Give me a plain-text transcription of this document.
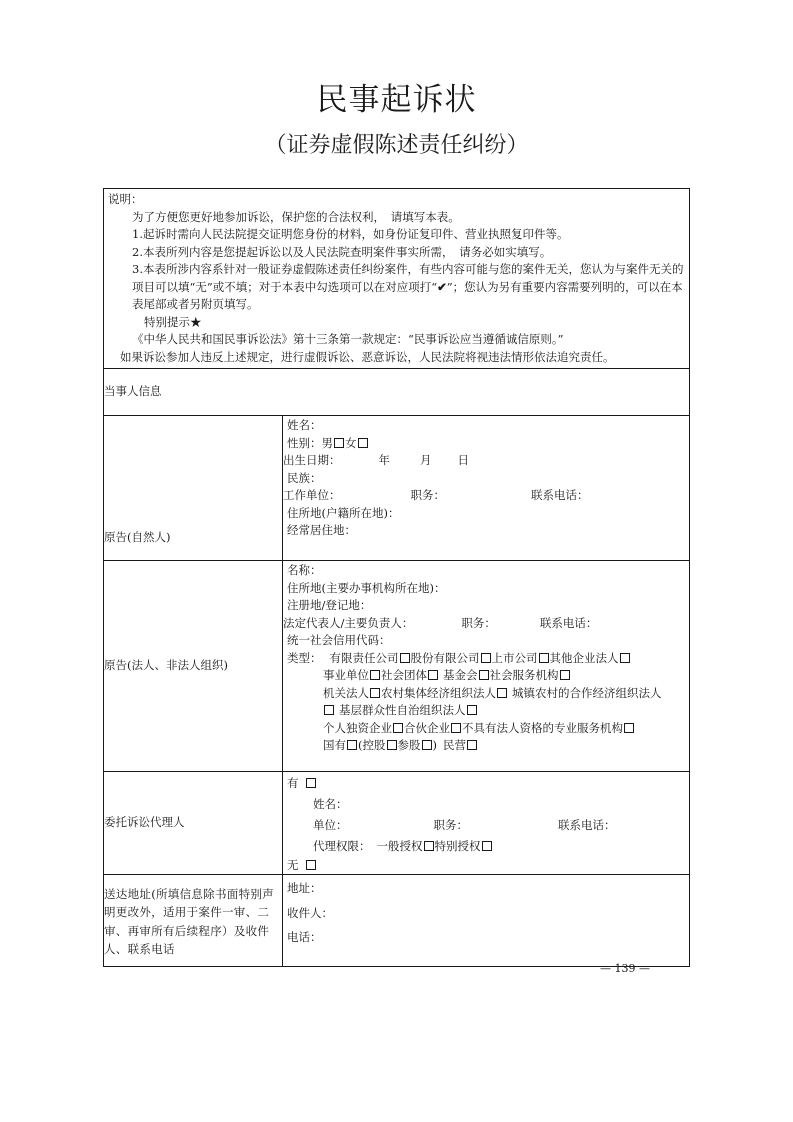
民事起诉状
（证券虚假陈述责任纠纷）

说明：

为了方便您更好地参加诉讼，保护您的合法权利，　请填写本表。

1.起诉时需向人民法院提交证明您身份的材料，如身份证复印件、营业执照复印件等。

2.本表所列内容是您提起诉讼以及人民法院查明案件事实所需，　请务必如实填写。

3.本表所涉内容系针对一般证券虚假陈述责任纠纷案件，有些内容可能与您的案件无关，您认为与案件无关的项目可以填“无”或不填；对于本表中勾选项可以在对应项打“✔”；您认为另有重要内容需要列明的，可以在本表尾部或者另附页填写。

特别提示★

《中华人民共和国民事诉讼法》第十三条第一款规定：“民事诉讼应当遵循诚信原则。”

如果诉讼参加人违反上述规定，进行虚假诉讼、恶意诉讼，人民法院将视违法情形依法追究责任。

当事人信息	
原告(自然人)	
姓名：
性别：男 女
出生日期：	年	月 日
民族：
工作单位：	职务：	联系电话：
住所地(户籍所在地)：
经常居住地：

原告(法人、非法人组织)	
名称：
住所地(主要办事机构所在地)：
注册地/登记地：
法定代表人/主要负责人：	职务：	联系电话：
统一社会信用代码：
类型： 有限责任公司 股份有限公司 上市公司 其他企业法人
事业单位 社会团体 基金会 社会服务机构
机关法人 农村集体经济组织法人 城镇农村的合作经济组织法人
基层群众性自治组织法人
个人独资企业 合伙企业 不具有法人资格的专业服务机构
国有 (控股 参股 ) 民营

委托诉讼代理人	有
姓名：
单位： 职务： 联系电话：
代理权限： 一般授权 特别授权
无

送达地址(所填信息除书面特别声明更改外，适用于案件一审、二审、再审所有后续程序）及收件人、联系电话	地址：
收件人：
电话：
— 139 —
